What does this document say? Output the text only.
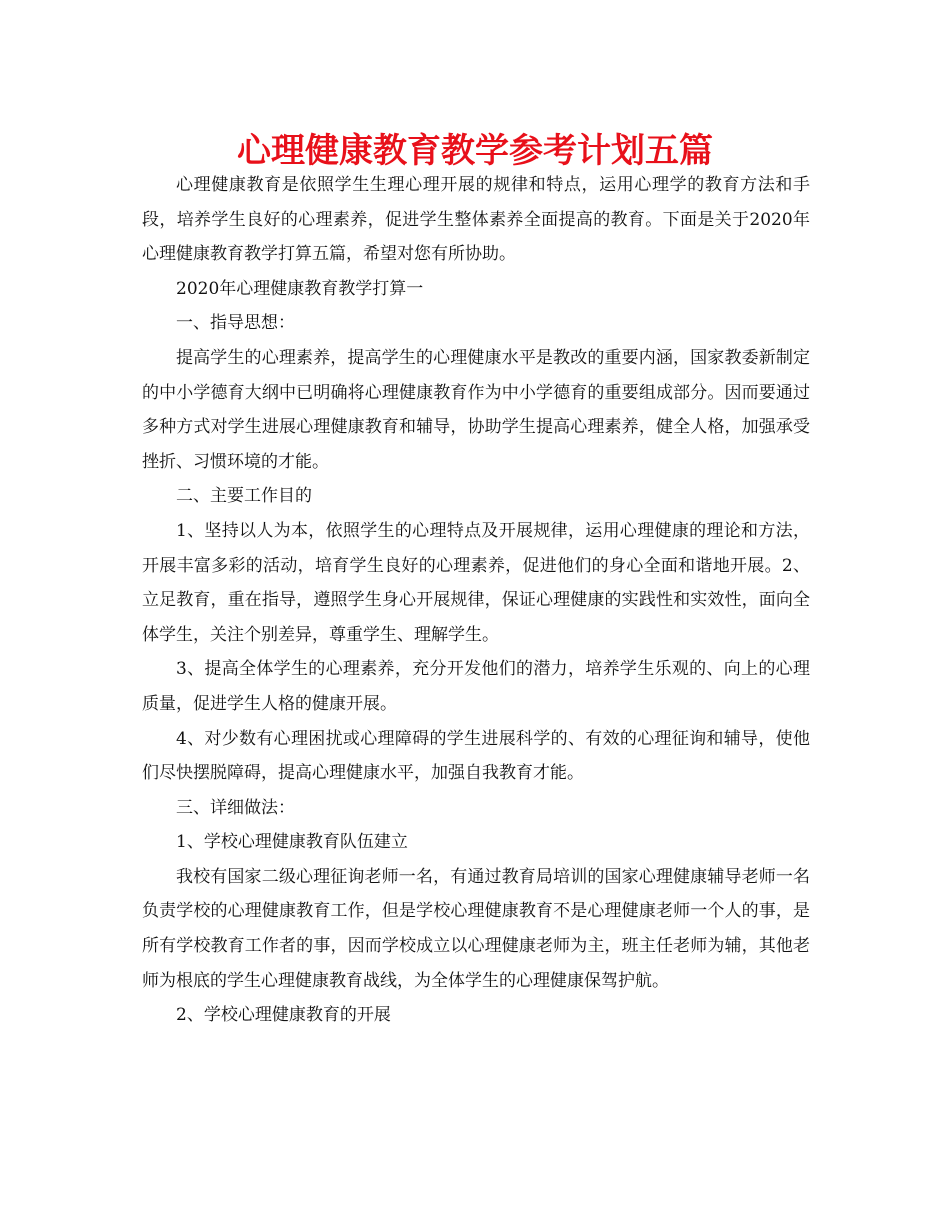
心理健康教育教学参考计划五篇

心理健康教育是依照学生生理心理开展的规律和特点，运用心理学的教育方法和手段，培养学生良好的心理素养，促进学生整体素养全面提高的教育。下面是关于2020年心理健康教育教学打算五篇，希望对您有所协助。

2020年心理健康教育教学打算一

一、指导思想：

提高学生的心理素养，提高学生的心理健康水平是教改的重要内涵，国家教委新制定的中小学德育大纲中已明确将心理健康教育作为中小学德育的重要组成部分。因而要通过多种方式对学生进展心理健康教育和辅导，协助学生提高心理素养，健全人格，加强承受挫折、习惯环境的才能。

二、主要工作目的

1、坚持以人为本，依照学生的心理特点及开展规律，运用心理健康的理论和方法，开展丰富多彩的活动，培育学生良好的心理素养，促进他们的身心全面和谐地开展。2、立足教育，重在指导，遵照学生身心开展规律，保证心理健康的实践性和实效性，面向全体学生，关注个别差异，尊重学生、理解学生。

3、提高全体学生的心理素养，充分开发他们的潜力，培养学生乐观的、向上的心理质量，促进学生人格的健康开展。

4、对少数有心理困扰或心理障碍的学生进展科学的、有效的心理征询和辅导，使他们尽快摆脱障碍，提高心理健康水平，加强自我教育才能。

三、详细做法：

1、学校心理健康教育队伍建立

我校有国家二级心理征询老师一名，有通过教育局培训的国家心理健康辅导老师一名负责学校的心理健康教育工作，但是学校心理健康教育不是心理健康老师一个人的事，是所有学校教育工作者的事，因而学校成立以心理健康老师为主，班主任老师为辅，其他老师为根底的学生心理健康教育战线，为全体学生的心理健康保驾护航。

2、学校心理健康教育的开展
